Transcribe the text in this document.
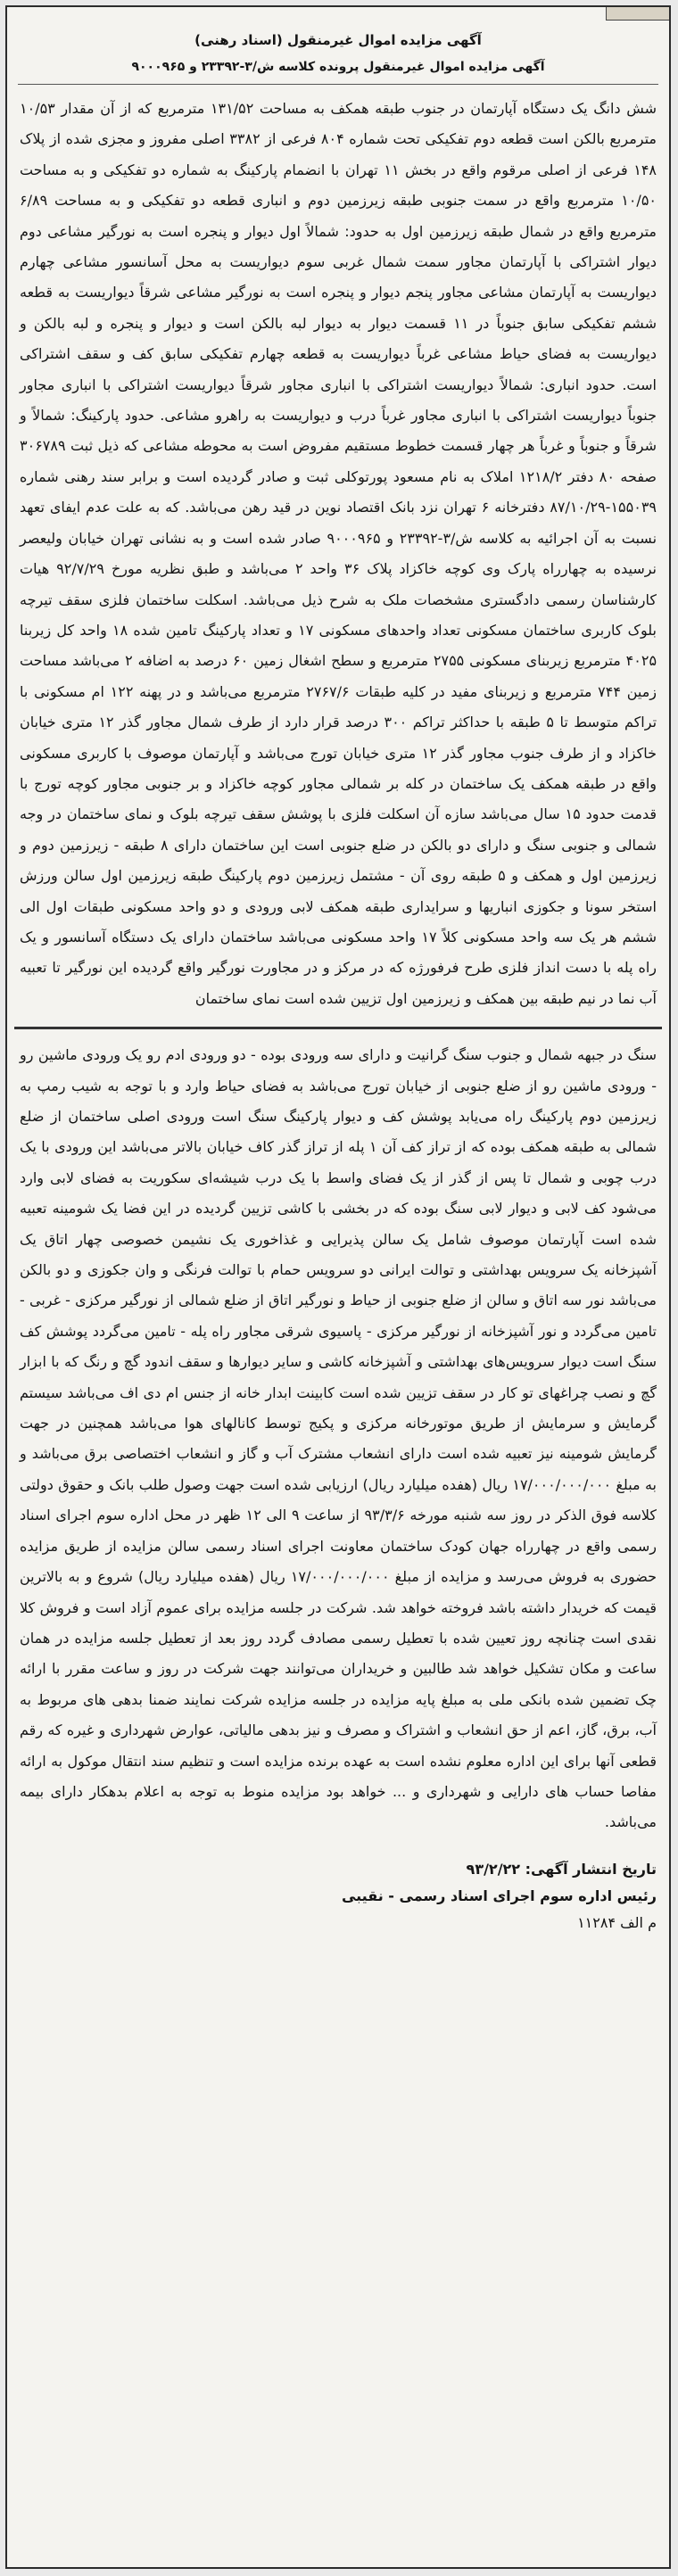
آگهی مزایده اموال غیرمنقول (اسناد رهنی)
آگهی مزایده اموال غیرمنقول پرونده کلاسه ش/۳-۲۳۳۹۲ و ۹۰۰۰۹۶۵
شش دانگ یک دستگاه آپارتمان در جنوب طبقه همکف به مساحت ۱۳۱/۵۲ مترمربع که از آن مقدار ۱۰/۵۳ مترمربع بالکن است قطعه دوم تفکیکی تحت شماره ۸۰۴ فرعی از ۳۳۸۲ اصلی مفروز و مجزی شده از پلاک ۱۴۸ فرعی از اصلی مرقوم واقع در بخش ۱۱ تهران با انضمام پارکینگ به شماره دو تفکیکی و به مساحت ۱۰/۵۰ مترمربع واقع در سمت جنوبی طبقه زیرزمین دوم و انباری قطعه دو تفکیکی و به مساحت ۶/۸۹ مترمربع واقع در شمال طبقه زیرزمین اول به حدود: شمالاً اول دیوار و پنجره است به نورگیر مشاعی دوم دیوار اشتراکی با آپارتمان مجاور سمت شمال غربی سوم دیواریست به محل آسانسور مشاعی چهارم دیواریست به آپارتمان مشاعی مجاور پنجم دیوار و پنجره است به نورگیر مشاعی شرقاً دیواریست به قطعه ششم تفکیکی سابق جنوباً در ۱۱ قسمت دیوار به دیوار لبه بالکن است و دیوار و پنجره و لبه بالکن و دیواریست به فضای حیاط مشاعی غرباً دیواریست به قطعه چهارم تفکیکی سابق کف و سقف اشتراکی است. حدود انباری: شمالاً دیواریست اشتراکی با انباری مجاور شرقاً دیواریست اشتراکی با انباری مجاور جنوباً دیواریست اشتراکی با انباری مجاور غرباً درب و دیواریست به راهرو مشاعی. حدود پارکینگ: شمالاً و شرقاً و جنوباً و غرباً هر چهار قسمت خطوط مستقیم مفروض است به محوطه مشاعی که ذیل ثبت ۳۰۶۷۸۹ صفحه ۸۰ دفتر ۱۲۱۸/۲ املاک به نام مسعود پورتوکلی ثبت و صادر گردیده است و برابر سند رهنی شماره ۱۵۵۰۳۹-۸۷/۱۰/۲۹ دفترخانه ۶ تهران نزد بانک اقتصاد نوین در قید رهن می‌باشد. که به علت عدم ایفای تعهد نسبت به آن اجرائیه به کلاسه ش/۳-۲۳۳۹۲ و ۹۰۰۰۹۶۵ صادر شده است و به نشانی تهران خیابان ولیعصر نرسیده به چهارراه پارک وی کوچه خاکزاد پلاک ۳۶ واحد ۲ می‌باشد و طبق نظریه مورخ ۹۲/۷/۲۹ هیات کارشناسان رسمی دادگستری مشخصات ملک به شرح ذیل می‌باشد. اسکلت ساختمان فلزی سقف تیرچه بلوک کاربری ساختمان مسکونی تعداد واحدهای مسکونی ۱۷ و تعداد پارکینگ تامین شده ۱۸ واحد کل زیربنا ۴۰۲۵ مترمربع زیربنای مسکونی ۲۷۵۵ مترمربع و سطح اشغال زمین ۶۰ درصد به اضافه ۲ می‌باشد مساحت زمین ۷۴۴ مترمربع و زیربنای مفید در کلیه طبقات ۲۷۶۷/۶ مترمربع می‌باشد و در پهنه ۱۲۲ ام مسکونی با تراکم متوسط تا ۵ طبقه با حداکثر تراکم ۳۰۰ درصد قرار دارد از طرف شمال مجاور گذر ۱۲ متری خیابان خاکزاد و از طرف جنوب مجاور گذر ۱۲ متری خیابان تورج می‌باشد و آپارتمان موصوف با کاربری مسکونی واقع در طبقه همکف یک ساختمان در کله بر شمالی مجاور کوچه خاکزاد و بر جنوبی مجاور کوچه تورج با قدمت حدود ۱۵ سال می‌باشد سازه آن اسکلت فلزی با پوشش سقف تیرچه بلوک و نمای ساختمان در وجه شمالی و جنوبی سنگ و دارای دو بالکن در ضلع جنوبی است این ساختمان دارای ۸ طبقه - زیرزمین دوم و زیرزمین اول و همکف و ۵ طبقه روی آن - مشتمل زیرزمین دوم پارکینگ طبقه زیرزمین اول سالن ورزش استخر سونا و جکوزی انباریها و سرایداری طبقه همکف لابی ورودی و دو واحد مسکونی طبقات اول الی ششم هر یک سه واحد مسکونی کلاً ۱۷ واحد مسکونی می‌باشد ساختمان دارای یک دستگاه آسانسور و یک راه پله با دست انداز فلزی طرح فرفورژه که در مرکز و در مجاورت نورگیر واقع گردیده این نورگیر تا تعبیه آب نما در نیم طبقه بین همکف و زیرزمین اول تزیین شده است نمای ساختمان
سنگ در جبهه شمال و جنوب سنگ گرانیت و دارای سه ورودی بوده - دو ورودی ادم رو یک ورودی ماشین رو - ورودی ماشین رو از ضلع جنوبی از خیابان تورج می‌باشد به فضای حیاط وارد و با توجه به شیب رمپ به زیرزمین دوم پارکینگ راه می‌یابد پوشش کف و دیوار پارکینگ سنگ است ورودی اصلی ساختمان از ضلع شمالی به طبقه همکف بوده که از تراز کف آن ۱ پله از تراز گذر کاف خیابان بالاتر می‌باشد این ورودی با یک درب چوبی و شمال تا پس از گذر از یک فضای واسط با یک درب شیشه‌ای سکوریت به فضای لابی وارد می‌شود کف لابی و دیوار لابی سنگ بوده که در بخشی با کاشی تزیین گردیده در این فضا یک شومینه تعبیه شده است آپارتمان موصوف شامل یک سالن پذیرایی و غذاخوری یک نشیمن خصوصی چهار اتاق یک آشپزخانه یک سرویس بهداشتی و توالت ایرانی دو سرویس حمام با توالت فرنگی و وان جکوزی و دو بالکن می‌باشد نور سه اتاق و سالن از ضلع جنوبی از حیاط و نورگیر اتاق از ضلع شمالی از نورگیر مرکزی - غربی - تامین می‌گردد و نور آشپزخانه از نورگیر مرکزی - پاسیوی شرقی مجاور راه پله - تامین می‌گردد پوشش کف سنگ است دیوار سرویس‌های بهداشتی و آشپزخانه کاشی و سایر دیوارها و سقف اندود گچ و رنگ که با ابزار گچ و نصب چراغهای تو کار در سقف تزیین شده است کابینت ابدار خانه از جنس ام دی اف می‌باشد سیستم گرمایش و سرمایش از طریق موتورخانه مرکزی و پکیج توسط کانالهای هوا می‌باشد همچنین در جهت گرمایش شومینه نیز تعبیه شده است دارای انشعاب مشترک آب و گاز و انشعاب اختصاصی برق می‌باشد و به مبلغ ۱۷/۰۰۰/۰۰۰/۰۰۰ ریال (هفده میلیارد ریال) ارزیابی شده است جهت وصول طلب بانک و حقوق دولتی کلاسه فوق الذکر در روز سه شنبه مورخه ۹۳/۳/۶ از ساعت ۹ الی ۱۲ ظهر در محل اداره سوم اجرای اسناد رسمی واقع در چهارراه جهان کودک ساختمان معاونت اجرای اسناد رسمی سالن مزایده از طریق مزایده حضوری به فروش می‌رسد و مزایده از مبلغ ۱۷/۰۰۰/۰۰۰/۰۰۰ ریال (هفده میلیارد ریال) شروع و به بالاترین قیمت که خریدار داشته باشد فروخته خواهد شد. شرکت در جلسه مزایده برای عموم آزاد است و فروش کلا نقدی است چنانچه روز تعیین شده با تعطیل رسمی مصادف گردد روز بعد از تعطیل جلسه مزایده در همان ساعت و مکان تشکیل خواهد شد طالبین و خریداران می‌توانند جهت شرکت در روز و ساعت مقرر با ارائه چک تضمین شده بانکی ملی به مبلغ پایه مزایده در جلسه مزایده شرکت نمایند ضمنا بدهی های مربوط به آب، برق، گاز، اعم از حق انشعاب و اشتراک و مصرف و نیز بدهی مالیاتی، عوارض شهرداری و غیره که رقم قطعی آنها برای این اداره معلوم نشده است به عهده برنده مزایده است و تنظیم سند انتقال موکول به ارائه مفاصا حساب های دارایی و شهرداری و ... خواهد بود مزایده منوط به توجه به اعلام بدهکار دارای بیمه می‌باشد.
تاریخ انتشار آگهی: ۹۳/۲/۲۲
رئیس اداره سوم اجرای اسناد رسمی - نقیبی
م الف ۱۱۲۸۴
